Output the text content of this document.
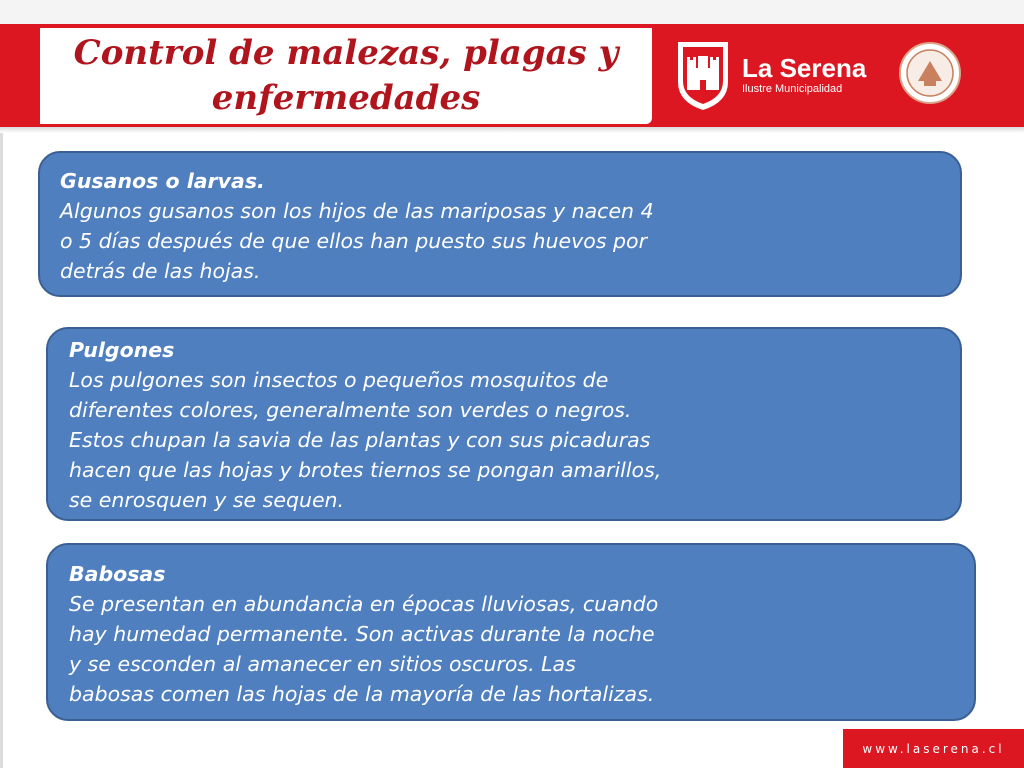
Control de malezas, plagas y
enfermedades
La Serena
Ilustre Municipalidad
Gusanos o larvas.
Algunos gusanos son los hijos de las mariposas y nacen 4
o 5 días después de que ellos han puesto sus huevos por
detrás de las hojas.
Pulgones
Los pulgones son insectos o pequeños mosquitos de
diferentes colores, generalmente son verdes o negros.
Estos chupan la savia de las plantas y con sus picaduras
hacen que las hojas y brotes tiernos se pongan amarillos,
se enrosquen y se sequen.
Babosas
Se presentan en abundancia en épocas lluviosas, cuando
hay humedad permanente. Son activas durante la noche
y se esconden al amanecer en sitios oscuros. Las
babosas comen las hojas de la mayoría de las hortalizas.
www.laserena.cl
